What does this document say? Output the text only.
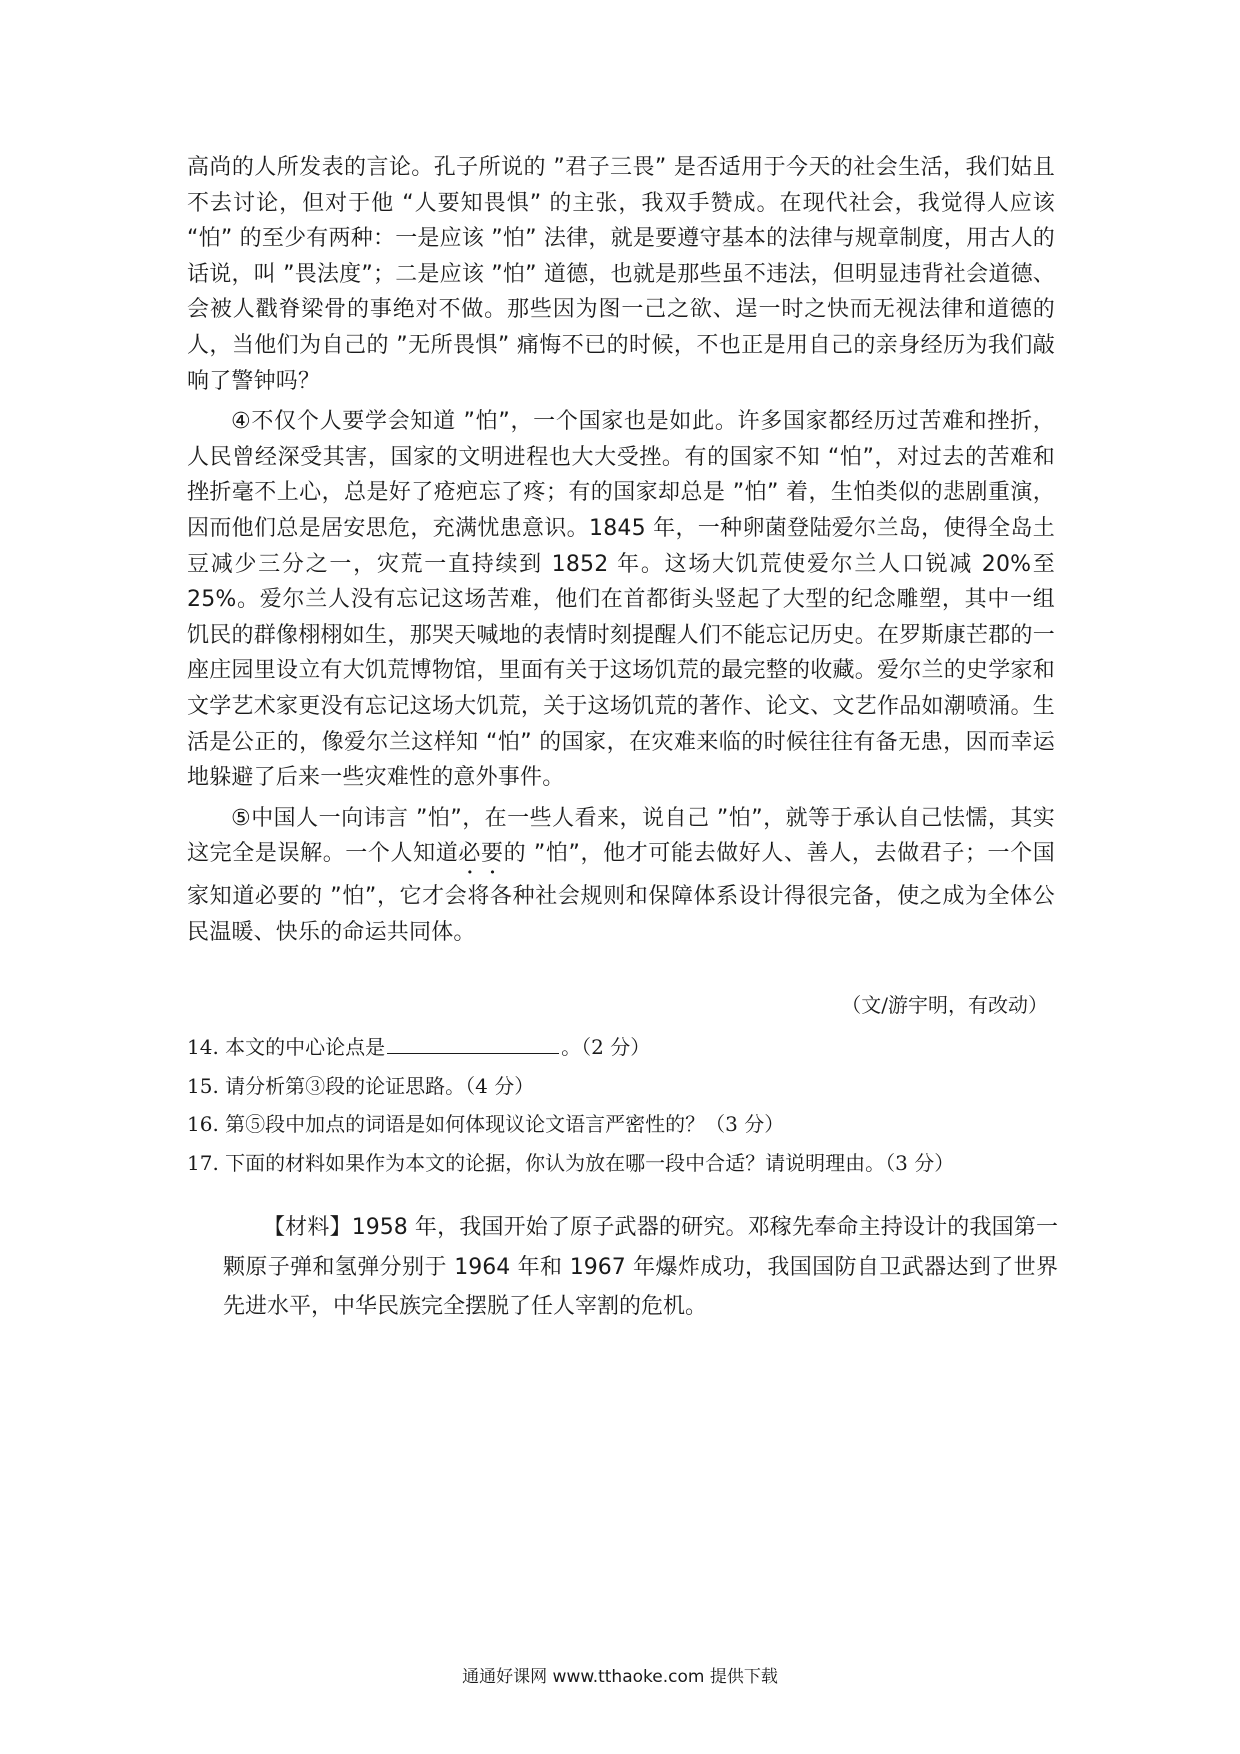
高尚的人所发表的言论。孔子所说的 ”君子三畏” 是否适用于今天的社会生活，我们姑且不去讨论，但对于他 “人要知畏惧” 的主张，我双手赞成。在现代社会，我觉得人应该 “怕” 的至少有两种：一是应该 ”怕” 法律，就是要遵守基本的法律与规章制度，用古人的话说，叫 ”畏法度”；二是应该 ”怕” 道德，也就是那些虽不违法，但明显违背社会道德、会被人戳脊梁骨的事绝对不做。那些因为图一己之欲、逞一时之快而无视法律和道德的人，当他们为自己的 ”无所畏惧” 痛悔不已的时候，不也正是用自己的亲身经历为我们敲响了警钟吗？

④不仅个人要学会知道 ”怕”，一个国家也是如此。许多国家都经历过苦难和挫折，人民曾经深受其害，国家的文明进程也大大受挫。有的国家不知 “怕”，对过去的苦难和挫折毫不上心，总是好了疮疤忘了疼；有的国家却总是 ”怕” 着，生怕类似的悲剧重演，因而他们总是居安思危，充满忧患意识。1845 年，一种卵菌登陆爱尔兰岛，使得全岛土豆减少三分之一，灾荒一直持续到 1852 年。这场大饥荒使爱尔兰人口锐减 20%至 25%。爱尔兰人没有忘记这场苦难，他们在首都街头竖起了大型的纪念雕塑，其中一组饥民的群像栩栩如生，那哭天喊地的表情时刻提醒人们不能忘记历史。在罗斯康芒郡的一座庄园里设立有大饥荒博物馆，里面有关于这场饥荒的最完整的收藏。爱尔兰的史学家和文学艺术家更没有忘记这场大饥荒，关于这场饥荒的著作、论文、文艺作品如潮喷涌。生活是公正的，像爱尔兰这样知 “怕” 的国家，在灾难来临的时候往往有备无患，因而幸运地躲避了后来一些灾难性的意外事件。

⑤中国人一向讳言 ”怕”，在一些人看来，说自己 ”怕”，就等于承认自己怯懦，其实这完全是误解。一个人知道必要的 ”怕”，他才可能去做好人、善人，去做君子；一个国家知道必要的 ”怕”，它才会将各种社会规则和保障体系设计得很完备，使之成为全体公民温暖、快乐的命运共同体。

（文/游宇明，有改动）
14. 本文的中心论点是	。（2 分）
15. 请分析第③段的论证思路。（4 分）
16. 第⑤段中加点的词语是如何体现议论文语言严密性的？（3 分）
17. 下面的材料如果作为本文的论据，你认为放在哪一段中合适？请说明理由。（3 分）
【材料】1958 年，我国开始了原子武器的研究。邓稼先奉命主持设计的我国第一颗原子弹和氢弹分别于 1964 年和 1967 年爆炸成功，我国国防自卫武器达到了世界先进水平，中华民族完全摆脱了任人宰割的危机。
通通好课网 www.tthaoke.com 提供下载
